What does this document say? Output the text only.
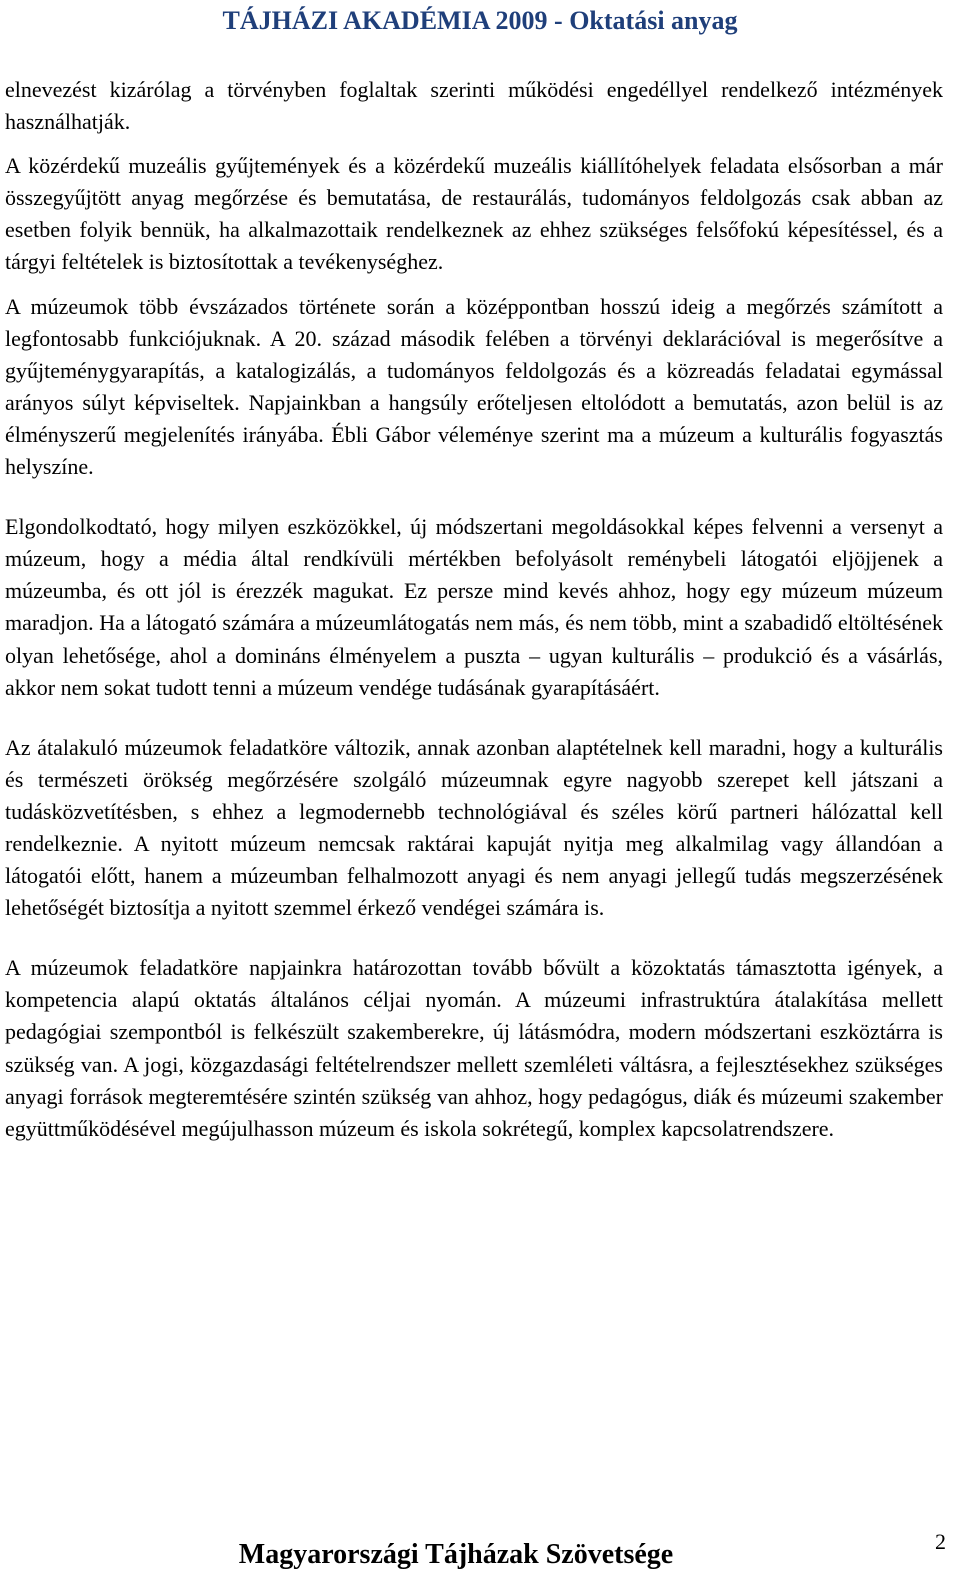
TÁJHÁZI AKADÉMIA 2009 - Oktatási anyag

elnevezést kizárólag a törvényben foglaltak szerinti működési engedéllyel rendelkező intézmények használhatják.

A közérdekű muzeális gyűjtemények és a közérdekű muzeális kiállítóhelyek feladata elsősorban a már összegyűjtött anyag megőrzése és bemutatása, de restaurálás, tudományos feldolgozás csak abban az esetben folyik bennük, ha alkalmazottaik rendelkeznek az ehhez szükséges felsőfokú képesítéssel, és a tárgyi feltételek is biztosítottak a tevékenységhez.

A múzeumok több évszázados története során a középpontban hosszú ideig a megőrzés számított a legfontosabb funkciójuknak. A 20. század második felében a törvényi deklarációval is megerősítve a gyűjteménygyarapítás, a katalogizálás, a tudományos feldolgozás és a közreadás feladatai egymással arányos súlyt képviseltek. Napjainkban a hangsúly erőteljesen eltolódott a bemutatás, azon belül is az élményszerű megjelenítés irányába. Ébli Gábor véleménye szerint ma a múzeum a kulturális fogyasztás helyszíne.

Elgondolkodtató, hogy milyen eszközökkel, új módszertani megoldásokkal képes felvenni a versenyt a múzeum, hogy a média által rendkívüli mértékben befolyásolt reménybeli látogatói eljöjjenek a múzeumba, és ott jól is érezzék magukat. Ez persze mind kevés ahhoz, hogy egy múzeum múzeum maradjon. Ha a látogató számára a múzeumlátogatás nem más, és nem több, mint a szabadidő eltöltésének olyan lehetősége, ahol a domináns élményelem a puszta – ugyan kulturális – produkció és a vásárlás, akkor nem sokat tudott tenni a múzeum vendége tudásának gyarapításáért.

Az átalakuló múzeumok feladatköre változik, annak azonban alaptételnek kell maradni, hogy a kulturális és természeti örökség megőrzésére szolgáló múzeumnak egyre nagyobb szerepet kell játszani a tudásközvetítésben, s ehhez a legmodernebb technológiával és széles körű partneri hálózattal kell rendelkeznie. A nyitott múzeum nemcsak raktárai kapuját nyitja meg alkalmilag vagy állandóan a látogatói előtt, hanem a múzeumban felhalmozott anyagi és nem anyagi jellegű tudás megszerzésének lehetőségét biztosítja a nyitott szemmel érkező vendégei számára is.

A múzeumok feladatköre napjainkra határozottan tovább bővült a közoktatás támasztotta igények, a kompetencia alapú oktatás általános céljai nyomán. A múzeumi infrastruktúra átalakítása mellett pedagógiai szempontból is felkészült szakemberekre, új látásmódra, modern módszertani eszköztárra is szükség van. A jogi, közgazdasági feltételrendszer mellett szemléleti váltásra, a fejlesztésekhez szükséges anyagi források megteremtésére szintén szükség van ahhoz, hogy pedagógus, diák és múzeumi szakember együttműködésével megújulhasson múzeum és iskola sokrétegű, komplex kapcsolatrendszere.

Magyarországi Tájházak Szövetsége	2
